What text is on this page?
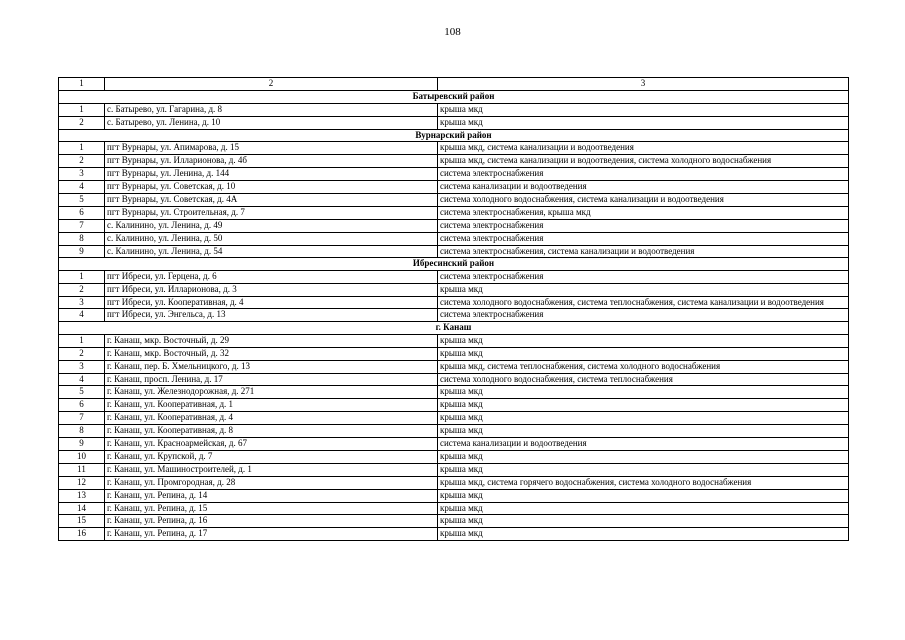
108
1	2	3
Батыревский район		
1	с. Батырево, ул. Гагарина, д. 8	крыша мкд
2	с. Батырево, ул. Ленина, д. 10	крыша мкд
Вурнарский район		
1	пгт Вурнары, ул. Апимарова, д. 15	крыша мкд, система канализации и водоотведения
2	пгт Вурнары, ул. Илларионова, д. 4б	крыша мкд, система канализации и водоотведения, система холодного водоснабжения
3	пгт Вурнары, ул. Ленина, д. 144	система электроснабжения
4	пгт Вурнары, ул. Советская, д. 10	система канализации и водоотведения
5	пгт Вурнары, ул. Советская, д. 4А	система холодного водоснабжения, система канализации и водоотведения
6	пгт Вурнары, ул. Строительная, д. 7	система электроснабжения, крыша мкд
7	с. Калинино, ул. Ленина, д. 49	система электроснабжения
8	с. Калинино, ул. Ленина, д. 50	система электроснабжения
9	с. Калинино, ул. Ленина, д. 54	система электроснабжения, система канализации и водоотведения
Ибресинский район		
1	пгт Ибреси, ул. Герцена, д. 6	система электроснабжения
2	пгт Ибреси, ул. Илларионова, д. 3	крыша мкд
3	пгт Ибреси, ул. Кооперативная, д. 4	система холодного водоснабжения, система теплоснабжения, система канализации и водоотведения
4	пгт Ибреси, ул. Энгельса, д. 13	система электроснабжения
г. Канаш		
1	г. Канаш, мкр. Восточный, д. 29	крыша мкд
2	г. Канаш, мкр. Восточный, д. 32	крыша мкд
3	г. Канаш, пер. Б. Хмельницкого, д. 13	крыша мкд, система теплоснабжения, система холодного водоснабжения
4	г. Канаш, просп. Ленина, д. 17	система холодного водоснабжения, система теплоснабжения
5	г. Канаш, ул. Железнодорожная, д. 271	крыша мкд
6	г. Канаш, ул. Кооперативная, д. 1	крыша мкд
7	г. Канаш, ул. Кооперативная, д. 4	крыша мкд
8	г. Канаш, ул. Кооперативная, д. 8	крыша мкд
9	г. Канаш, ул. Красноармейская, д. 67	система канализации и водоотведения
10	г. Канаш, ул. Крупской, д. 7	крыша мкд
11	г. Канаш, ул. Машиностроителей, д. 1	крыша мкд
12	г. Канаш, ул. Промгородная, д. 28	крыша мкд, система горячего водоснабжения, система холодного водоснабжения
13	г. Канаш, ул. Репина, д. 14	крыша мкд
14	г. Канаш, ул. Репина, д. 15	крыша мкд
15	г. Канаш, ул. Репина, д. 16	крыша мкд
16	г. Канаш, ул. Репина, д. 17	крыша мкд
